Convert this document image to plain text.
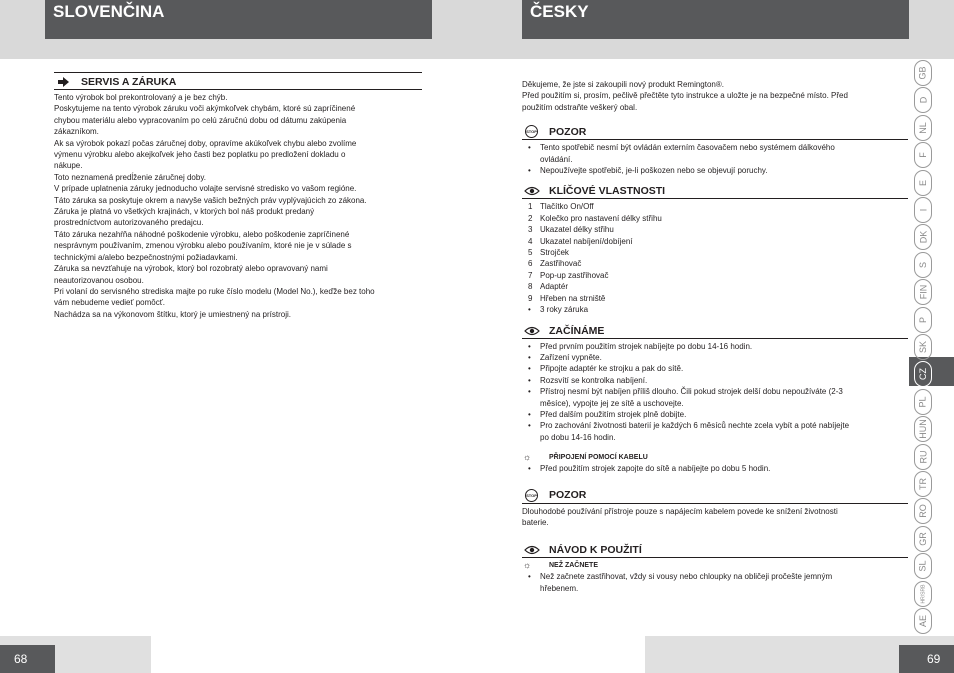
SLOVENČINA	ČESKY
68	69
SERVIS A ZÁRUKA
Tento výrobok bol prekontrolovaný a je bez chýb.
Poskytujeme na tento výrobok záruku voči akýmkoľvek chybám, ktoré sú zapríčinené
chybou materiálu alebo vypracovaním po celú záručnú dobu od dátumu zakúpenia
zákazníkom.
Ak sa výrobok pokazí počas záručnej doby, opravíme akúkoľvek chybu alebo zvolíme
výmenu výrobku alebo akejkoľvek jeho časti bez poplatku po predložení dokladu o
nákupe.
Toto neznamená predĺženie záručnej doby.
V prípade uplatnenia záruky jednoducho volajte servisné stredisko vo vašom regióne.
Táto záruka sa poskytuje okrem a navyše vašich bežných práv vyplývajúcich zo zákona.
Záruka je platná vo všetkých krajinách, v ktorých bol náš produkt predaný
prostredníctvom autorizovaného predajcu.
Táto záruka nezahŕňa náhodné poškodenie výrobku, alebo poškodenie zapríčinené
nesprávnym používaním, zmenou výrobku alebo používaním, ktoré nie je v súlade s
technickými a/alebo bezpečnostnými požiadavkami.
Záruka sa nevzťahuje na výrobok, ktorý bol rozobratý alebo opravovaný nami
neautorizovanou osobou.
Pri volaní do servisného strediska majte po ruke číslo modelu (Model No.), keďže bez toho
vám nebudeme vedieť pomôcť.
Nachádza sa na výkonovom štítku, ktorý je umiestnený na prístroji.
Děkujeme, že jste si zakoupili nový produkt Remington®.
Před použitím si, prosím, pečlivě přečtěte tyto instrukce a uložte je na bezpečné místo. Před
použitím odstraňte veškerý obal.
STOP POZOR
• Tento spotřebič nesmí být ovládán externím časovačem nebo systémem dálkového
ovládání.
• Nepoužívejte spotřebič, je-li poškozen nebo se objevují poruchy.
KLÍČOVÉ VLASTNOSTI
1 Tlačítko On/Off
2 Kolečko pro nastavení délky střihu
3 Ukazatel délky střihu
4 Ukazatel nabíjení/dobíjení
5 Strojček
6 Zastřihovač
7 Pop-up zastřihovač
8 Adaptér
9 Hřeben na strniště
•	3 roky záruka
ZAČÍNÁME
• Před prvním použitím strojek nabíjejte po dobu 14-16 hodin.
• Zařízení vypněte.
• Připojte adaptér ke strojku a pak do sítě.
• Rozsvítí se kontrolka nabíjení.
• Přístroj nesmí být nabíjen příliš dlouho. Čili pokud strojek delší dobu nepoužíváte (2-3
měsíce), vypojte jej ze sítě a uschovejte.
• Před dalším použitím strojek plně dobijte.
• Pro zachování životnosti baterií je každých 6 měsíců nechte zcela vybít a poté nabíjejte
po dobu 14-16 hodin.
☼	PŘIPOJENÍ POMOCÍ KABELU
• Před použitím strojek zapojte do sítě a nabíjejte po dobu 5 hodin.
STOP POZOR
Dlouhodobé používání přístroje pouze s napájecím kabelem povede ke snížení životnosti
baterie.
NÁVOD K POUŽITÍ
☼	NEŽ ZAČNETE
• Než začnete zastřihovat, vždy si vousy nebo chloupky na obličeji pročešte jemným
hřebenem.
GB
D
NL
F
E
I
DK
S
FIN
P
SK
CZ
PL
HUN
RU
TR
RO
GR
SL
HR/SRB
AE
